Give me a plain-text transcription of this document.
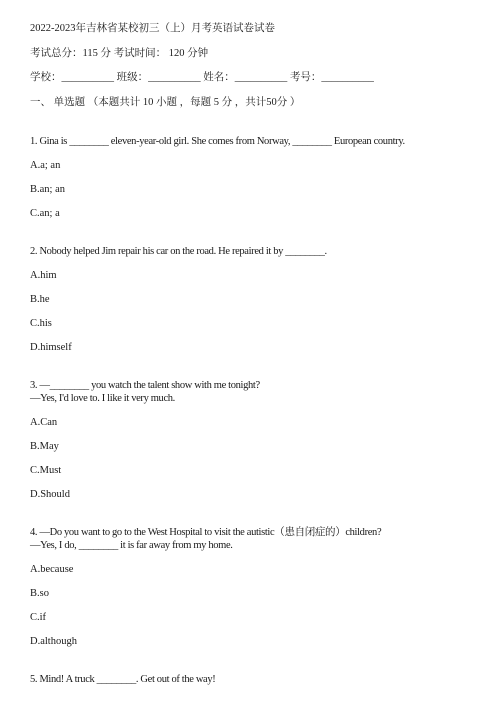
2022-2023年吉林省某校初三（上）月考英语试卷试卷
考试总分：115 分 考试时间： 120 分钟
学校：__________ 班级：__________ 姓名：__________ 考号：__________
一、 单选题 （本题共计 10 小题 ，每题 5 分 ，共计50分 ）
1. Gina is ________ eleven-year-old girl. She comes from Norway, ________ European country.
A.a; an
B.an; an
C.an; a
2. Nobody helped Jim repair his car on the road. He repaired it by ________.
A.him
B.he
C.his
D.himself
3. —________ you watch the talent show with me tonight?
—Yes, I'd love to. I like it very much.
A.Can
B.May
C.Must
D.Should
4. —Do you want to go to the West Hospital to visit the autistic（患自闭症的）children?
—Yes, I do, ________ it is far away from my home.
A.because
B.so
C.if
D.although
5. Mind! A truck ________. Get out of the way!
